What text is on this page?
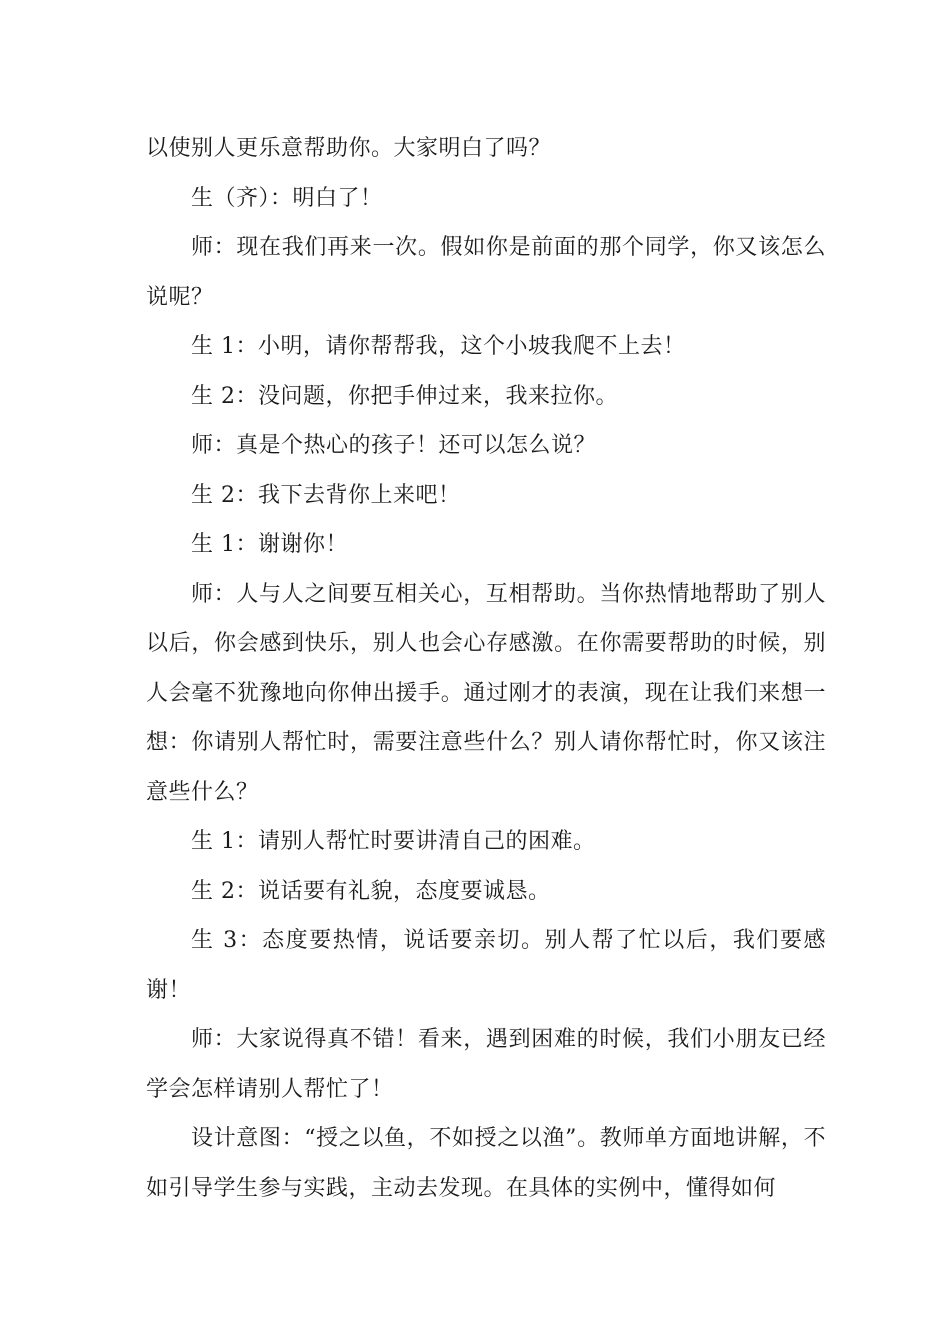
以使别人更乐意帮助你。大家明白了吗？

生（齐）：明白了！

师：现在我们再来一次。假如你是前面的那个同学，你又该怎么说呢？

生 1：小明，请你帮帮我，这个小坡我爬不上去！

生 2：没问题，你把手伸过来，我来拉你。

师：真是个热心的孩子！还可以怎么说？

生 2：我下去背你上来吧！

生 1：谢谢你！

师：人与人之间要互相关心，互相帮助。当你热情地帮助了别人以后，你会感到快乐，别人也会心存感激。在你需要帮助的时候，别人会毫不犹豫地向你伸出援手。通过刚才的表演，现在让我们来想一想：你请别人帮忙时，需要注意些什么？别人请你帮忙时，你又该注意些什么？

生 1：请别人帮忙时要讲清自己的困难。

生 2：说话要有礼貌，态度要诚恳。

生 3：态度要热情，说话要亲切。别人帮了忙以后，我们要感谢！

师：大家说得真不错！看来，遇到困难的时候，我们小朋友已经学会怎样请别人帮忙了！

设计意图：“授之以鱼，不如授之以渔”。教师单方面地讲解，不如引导学生参与实践，主动去发现。在具体的实例中，懂得如何
